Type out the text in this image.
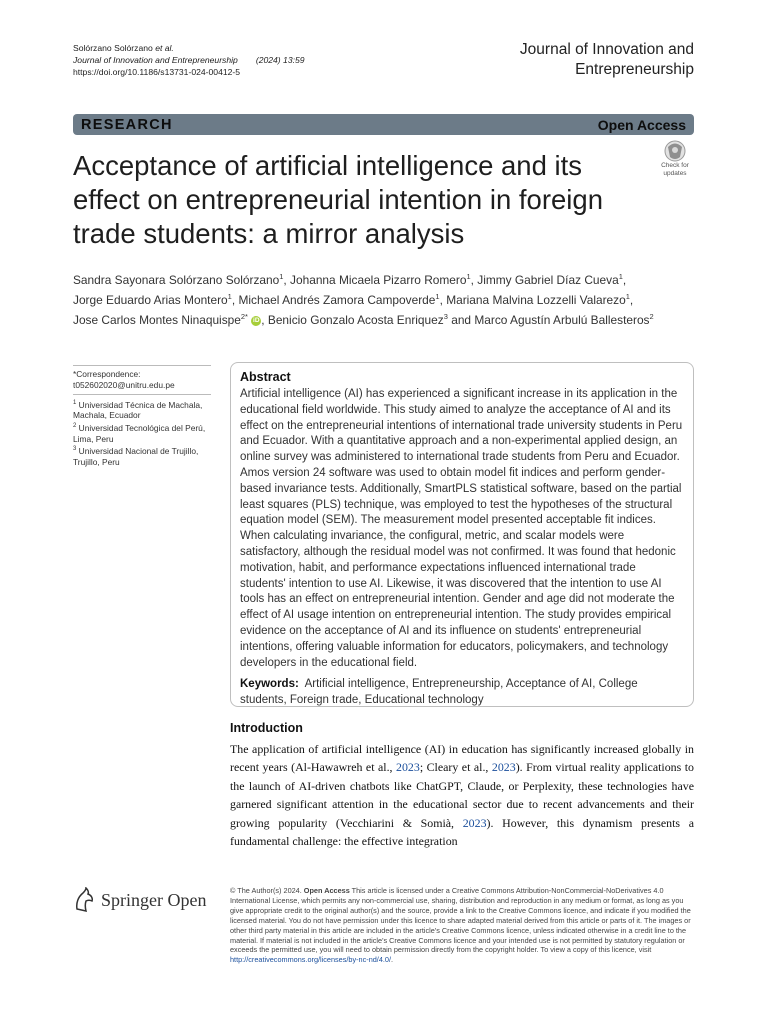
Solórzano Solórzano et al.
Journal of Innovation and Entrepreneurship (2024) 13:59
https://doi.org/10.1186/s13731-024-00412-5
Journal of Innovation and
Entrepreneurship
RESEARCH	Open Access
Acceptance of artificial intelligence and its effect on entrepreneurial intention in foreign trade students: a mirror analysis
Check for
updates
Sandra Sayonara Solórzano Solórzano$^1$, Johanna Micaela Pizarro Romero$^1$, Jimmy Gabriel Díaz Cueva$^1$,
Jorge Eduardo Arias Montero$^1$, Michael Andrés Zamora Campoverde$^1$, Mariana Malvina Lozzelli Valarezo$^1$,
Jose Carlos Montes Ninaquispe$^{2*}$ iD , Benicio Gonzalo Acosta Enriquez$^3$ and Marco Agustín Arbulú Ballesteros$^2$

*Correspondence:

t052602020@unitru.edu.pe

$^1$ Universidad Técnica de Machala, Machala, Ecuador

$^2$ Universidad Tecnológica del Perú, Lima, Peru

$^3$ Universidad Nacional de Trujillo, Trujillo, Peru

Abstract

Artificial intelligence (AI) has experienced a significant increase in its application in the educational field worldwide. This study aimed to analyze the acceptance of AI and its effect on the entrepreneurial intentions of international trade university students in Peru and Ecuador. With a quantitative approach and a non-experimental applied design, an online survey was administered to international trade students from Peru and Ecuador. Amos version 24 software was used to obtain model fit indices and perform gender-based invariance tests. Additionally, SmartPLS statistical software, based on the partial least squares (PLS) technique, was employed to test the hypotheses of the structural equation model (SEM). The measurement model presented acceptable fit indices. When calculating invariance, the configural, metric, and scalar models were satisfactory, although the residual model was not confirmed. It was found that hedonic motivation, habit, and performance expectations influenced international trade students' intention to use AI. Likewise, it was discovered that the intention to use AI tools has an effect on entrepreneurial intention. Gender and age did not moderate the effect of AI usage intention on entrepreneurial intention. The study provides empirical evidence on the acceptance of AI and its influence on students' entrepreneurial intentions, offering valuable information for educators, policymakers, and technology developers in the educational field.

Keywords: Artificial intelligence, Entrepreneurship, Acceptance of AI, College students, Foreign trade, Educational technology

Introduction

The application of artificial intelligence (AI) in education has significantly increased globally in recent years (Al-Hawawreh et al., 2023; Cleary et al., 2023). From virtual reality applications to the launch of AI-driven chatbots like ChatGPT, Claude, or Perplexity, these technologies have garnered significant attention in the educational sector due to recent advancements and their growing popularity (Vecchiarini & Somià, 2023). However, this dynamism presents a fundamental challenge: the effective integration

Springer Open	© The Author(s) 2024. Open Access This article is licensed under a Creative Commons Attribution-NonCommercial-NoDerivatives 4.0 International License, which permits any non-commercial use, sharing, distribution and reproduction in any medium or format, as long as you give appropriate credit to the original author(s) and the source, provide a link to the Creative Commons licence, and indicate if you modified the licensed material. You do not have permission under this licence to share adapted material derived from this article or parts of it. The images or other third party material in this article are included in the article's Creative Commons licence, unless indicated otherwise in a credit line to the material. If material is not included in the article's Creative Commons licence and your intended use is not permitted by statutory regulation or exceeds the permitted use, you will need to obtain permission directly from the copyright holder. To view a copy of this licence, visit http://creativecommons.org/licenses/by-nc-nd/4.0/.
